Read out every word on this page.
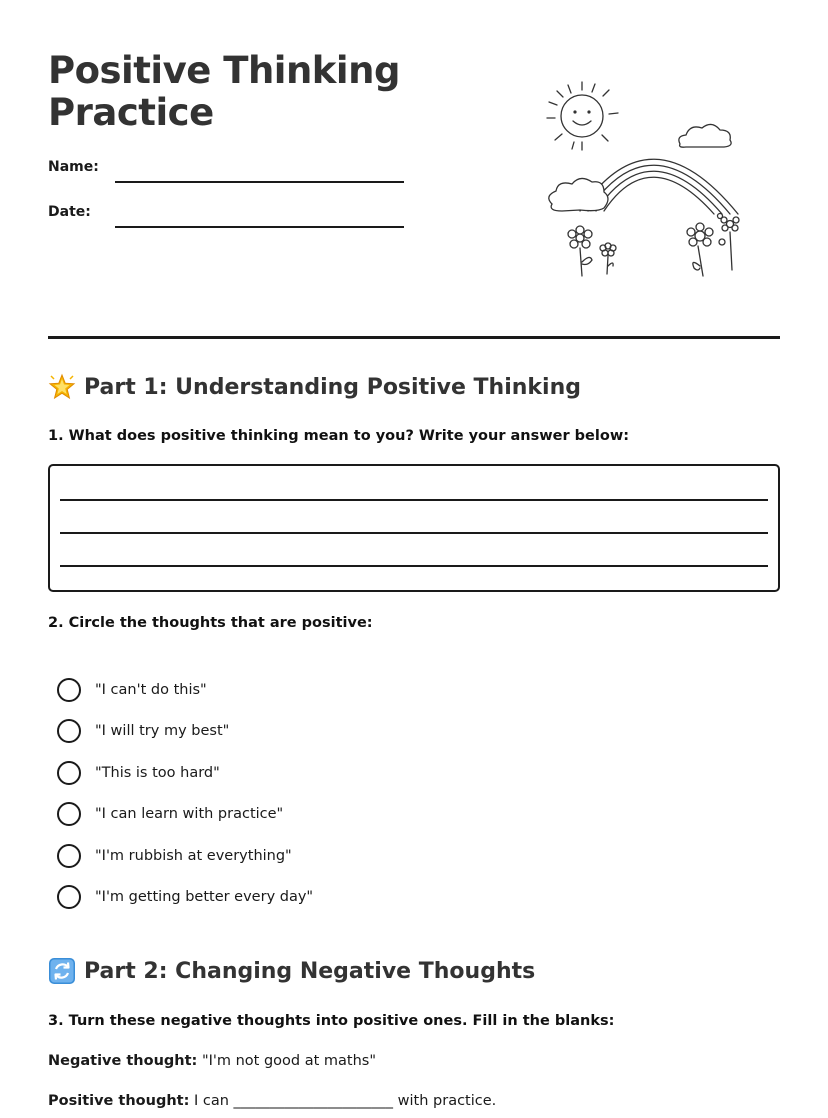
Positive Thinking
Practice
Name:
Date:
Part 1: Understanding Positive Thinking
1. What does positive thinking mean to you? Write your answer below:
2. Circle the thoughts that are positive:
"I can't do this"
"I will try my best"
"This is too hard"
"I can learn with practice"
"I'm rubbish at everything"
"I'm getting better every day"
Part 2: Changing Negative Thoughts
3. Turn these negative thoughts into positive ones. Fill in the blanks:
Negative thought: "I'm not good at maths"
Positive thought: I can ______________________ with practice.
